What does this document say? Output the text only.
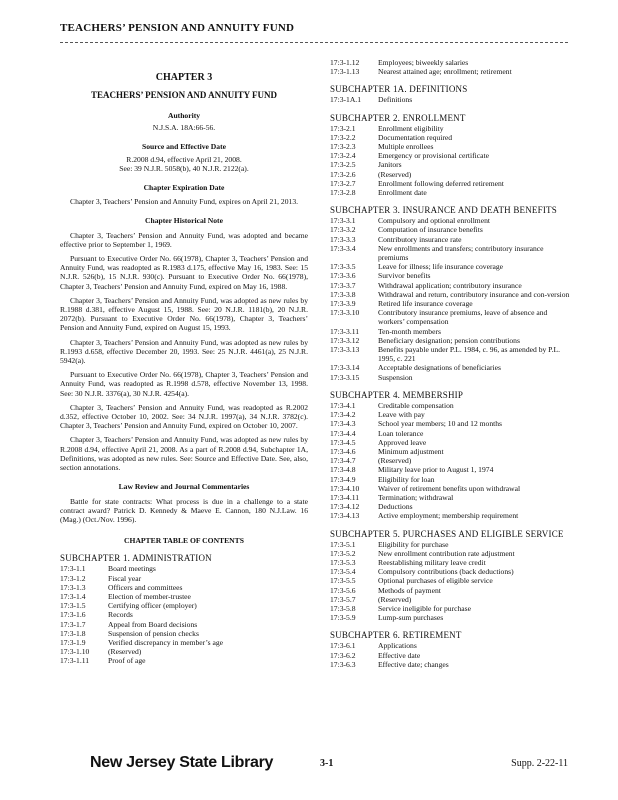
TEACHERS’ PENSION AND ANNUITY FUND
CHAPTER 3
TEACHERS’ PENSION AND ANNUITY FUND
Authority
N.J.S.A. 18A:66-56.
Source and Effective Date
R.2008 d.94, effective April 21, 2008.
See: 39 N.J.R. 5058(b), 40 N.J.R. 2122(a).
Chapter Expiration Date

Chapter 3, Teachers’ Pension and Annuity Fund, expires on April 21, 2013.

Chapter Historical Note

Chapter 3, Teachers’ Pension and Annuity Fund, was adopted and became effective prior to September 1, 1969.

Pursuant to Executive Order No. 66(1978), Chapter 3, Teachers’ Pension and Annuity Fund, was readopted as R.1983 d.175, effective May 16, 1983. See: 15 N.J.R. 526(b), 15 N.J.R. 930(c). Pursuant to Executive Order No. 66(1978), Chapter 3, Teachers’ Pension and Annuity Fund, expired on May 16, 1988.

Chapter 3, Teachers’ Pension and Annuity Fund, was adopted as new rules by R.1988 d.381, effective August 15, 1988. See: 20 N.J.R. 1181(b), 20 N.J.R. 2072(b). Pursuant to Executive Order No. 66(1978), Chapter 3, Teachers’ Pension and Annuity Fund, expired on August 15, 1993.

Chapter 3, Teachers’ Pension and Annuity Fund, was adopted as new rules by R.1993 d.658, effective December 20, 1993. See: 25 N.J.R. 4461(a), 25 N.J.R. 5942(a).

Pursuant to Executive Order No. 66(1978), Chapter 3, Teachers’ Pension and Annuity Fund, was readopted as R.1998 d.578, effective November 13, 1998. See: 30 N.J.R. 3376(a), 30 N.J.R. 4254(a).

Chapter 3, Teachers’ Pension and Annuity Fund, was readopted as R.2002 d.352, effective October 10, 2002. See: 34 N.J.R. 1997(a), 34 N.J.R. 3782(c). Chapter 3, Teachers’ Pension and Annuity Fund, expired on October 10, 2007.

Chapter 3, Teachers’ Pension and Annuity Fund, was adopted as new rules by R.2008 d.94, effective April 21, 2008. As a part of R.2008 d.94, Subchapter 1A, Definitions, was adopted as new rules. See: Source and Effective Date. See, also, section annotations.

Law Review and Journal Commentaries

Battle for state contracts: What process is due in a challenge to a state contract award? Patrick D. Kennedy & Maeve E. Cannon, 180 N.J.Law. 16 (Mag.) (Oct./Nov. 1996).

CHAPTER TABLE OF CONTENTS
SUBCHAPTER 1. ADMINISTRATION
17:3-1.1	Board meetings
17:3-1.2	Fiscal year
17:3-1.3	Officers and committees
17:3-1.4	Election of member-trustee
17:3-1.5	Certifying officer (employer)
17:3-1.6	Records
17:3-1.7	Appeal from Board decisions
17:3-1.8	Suspension of pension checks
17:3-1.9	Verified discrepancy in member’s age
17:3-1.10	(Reserved)
17:3-1.11	Proof of age
17:3-1.12	Employees; biweekly salaries
17:3-1.13	Nearest attained age; enrollment; retirement
SUBCHAPTER 1A. DEFINITIONS
17:3-1A.1	Definitions
SUBCHAPTER 2. ENROLLMENT
17:3-2.1	Enrollment eligibility
17:3-2.2	Documentation required
17:3-2.3	Multiple enrollees
17:3-2.4	Emergency or provisional certificate
17:3-2.5	Janitors
17:3-2.6	(Reserved)
17:3-2.7	Enrollment following deferred retirement
17:3-2.8	Enrollment date
SUBCHAPTER 3. INSURANCE AND DEATH BENEFITS
17:3-3.1	Compulsory and optional enrollment
17:3-3.2	Computation of insurance benefits
17:3-3.3	Contributory insurance rate
17:3-3.4	New enrollments and transfers; contributory insurance premiums
17:3-3.5	Leave for illness; life insurance coverage
17:3-3.6	Survivor benefits
17:3-3.7	Withdrawal application; contributory insurance
17:3-3.8	Withdrawal and return, contributory insurance and con-version
17:3-3.9	Retired life insurance coverage
17:3-3.10	Contributory insurance premiums, leave of absence and workers’ compensation
17:3-3.11	Ten-month members
17:3-3.12	Beneficiary designation; pension contributions
17:3-3.13	Benefits payable under P.L. 1984, c. 96, as amended by P.L. 1995, c. 221
17:3-3.14	Acceptable designations of beneficiaries
17:3-3.15	Suspension
SUBCHAPTER 4. MEMBERSHIP
17:3-4.1	Creditable compensation
17:3-4.2	Leave with pay
17:3-4.3	School year members; 10 and 12 months
17:3-4.4	Loan tolerance
17:3-4.5	Approved leave
17:3-4.6	Minimum adjustment
17:3-4.7	(Reserved)
17:3-4.8	Military leave prior to August 1, 1974
17:3-4.9	Eligibility for loan
17:3-4.10	Waiver of retirement benefits upon withdrawal
17:3-4.11	Termination; withdrawal
17:3-4.12	Deductions
17:3-4.13	Active employment; membership requirement
SUBCHAPTER 5. PURCHASES AND ELIGIBLE SERVICE
17:3-5.1	Eligibility for purchase
17:3-5.2	New enrollment contribution rate adjustment
17:3-5.3	Reestablishing military leave credit
17:3-5.4	Compulsory contributions (back deductions)
17:3-5.5	Optional purchases of eligible service
17:3-5.6	Methods of payment
17:3-5.7	(Reserved)
17:3-5.8	Service ineligible for purchase
17:3-5.9	Lump-sum purchases
SUBCHAPTER 6. RETIREMENT
17:3-6.1	Applications
17:3-6.2	Effective date
17:3-6.3	Effective date; changes
New Jersey State Library	3-1	Supp. 2-22-11
